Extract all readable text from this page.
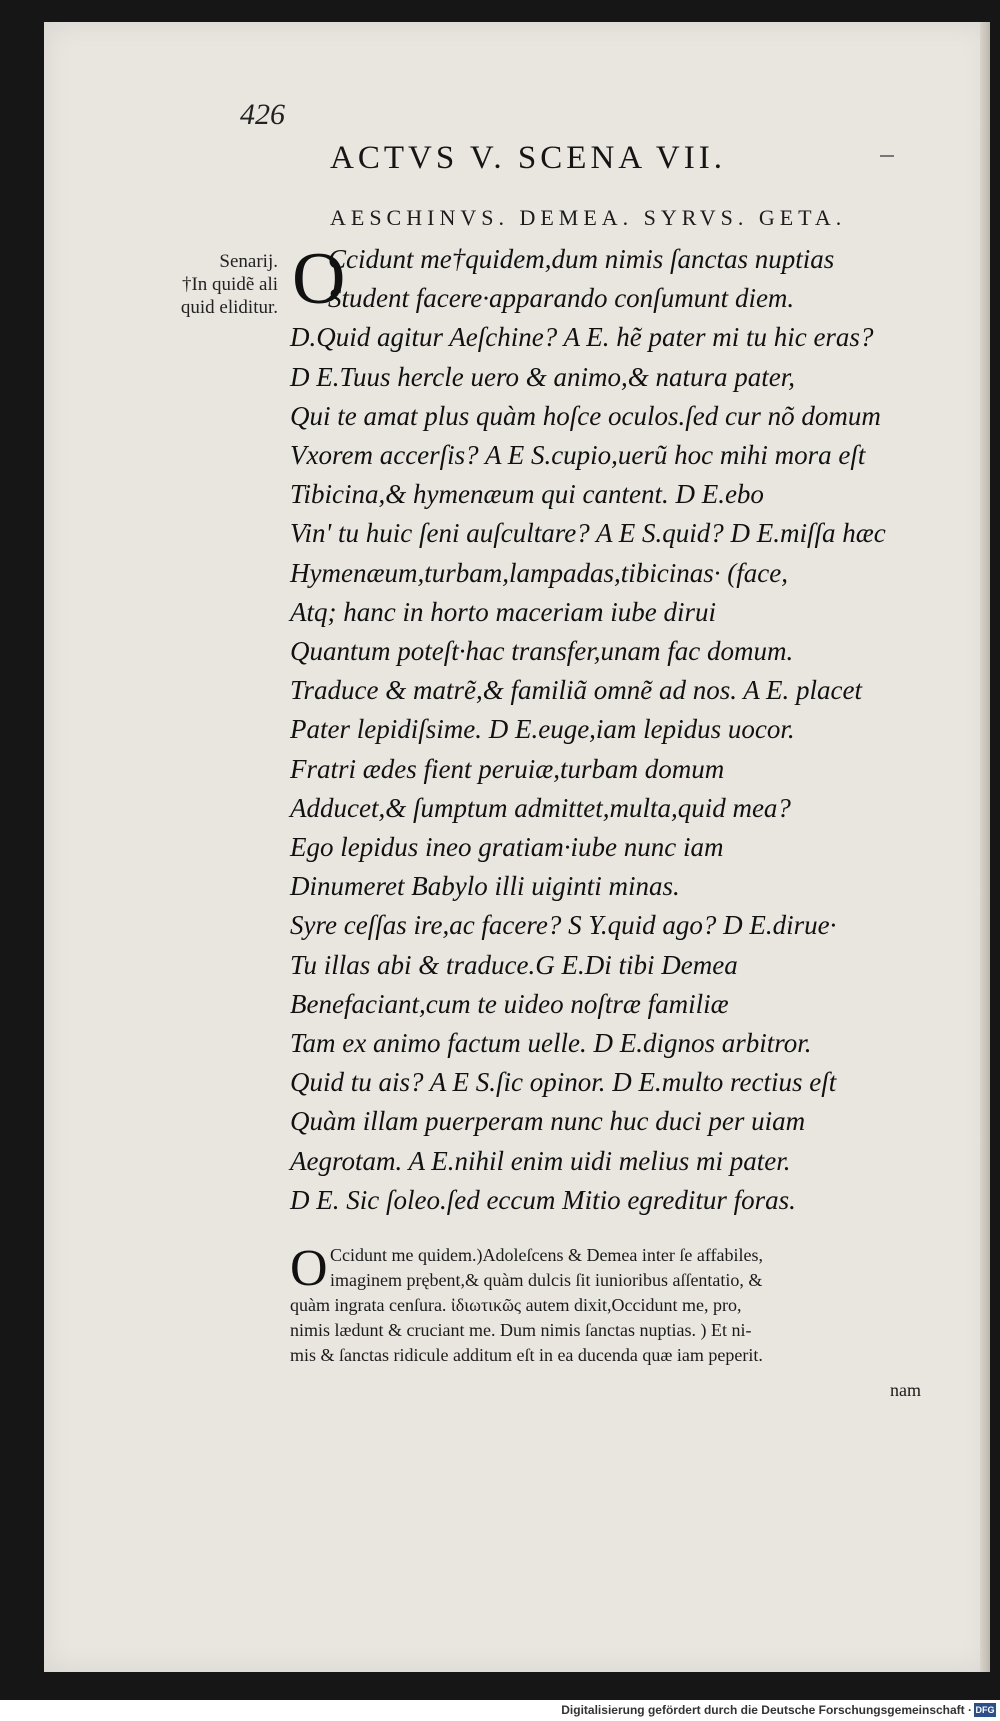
426
ACTVS V. SCENA VII.
AESCHINVS. DEMEA. SYRVS. GETA.
Senarij.
†In quidẽ ali
quid eliditur. O
Ccidunt me†quidem,dum nimis ſanctas nuptias
Student facere∙apparando conſumunt diem.
D.Quid agitur Aeſchine? A E. hẽ pater mi tu hic eras?
D E.Tuus hercle uero & animo,& natura pater,
Qui te amat plus quàm hoſce oculos.ſed cur nõ domum
Vxorem accerſis? A E S.cupio,uerũ hoc mihi mora eſt
Tibicina,& hymenæum qui cantent. D E.ebo
Vin' tu huic ſeni auſcultare? A E S.quid? D E.miſſa hæc
Hymenæum,turbam,lampadas,tibicinas∙ (face,
Atq; hanc in horto maceriam iube dirui
Quantum poteſt∙hac transfer,unam fac domum.
Traduce & matrẽ,& familiã omnẽ ad nos. A E. placet
Pater lepidiſsime. D E.euge,iam lepidus uocor.
Fratri ædes fient peruiæ,turbam domum
Adducet,& ſumptum admittet,multa,quid mea?
Ego lepidus ineo gratiam∙iube nunc iam
Dinumeret Babylo illi uiginti minas.
Syre ceſſas ire,ac facere? S Y.quid ago? D E.dirue∙
Tu illas abi & traduce.G E.Di tibi Demea
Benefaciant,cum te uideo noſtræ familiæ
Tam ex animo factum uelle. D E.dignos arbitror.
Quid tu ais? A E S.ſic opinor. D E.multo rectius eſt
Quàm illam puerperam nunc huc duci per uiam
Aegrotam. A E.nihil enim uidi melius mi pater.
D E. Sic ſoleo.ſed eccum Mitio egreditur foras.
O Ccidunt me quidem.)Adoleſcens & Demea inter ſe affabiles,
imaginem prębent,& quàm dulcis ſit iunioribus aſſentatio, &
quàm ingrata cenſura. ἰδιωτικῶς autem dixit,Occidunt me, pro,
nimis lædunt & cruciant me. Dum nimis ſanctas nuptias. ) Et ni-
mis & ſanctas ridicule additum eſt in ea ducenda quæ iam peperit.
nam
Digitalisierung gefördert durch die Deutsche Forschungsgemeinschaft · DFG
